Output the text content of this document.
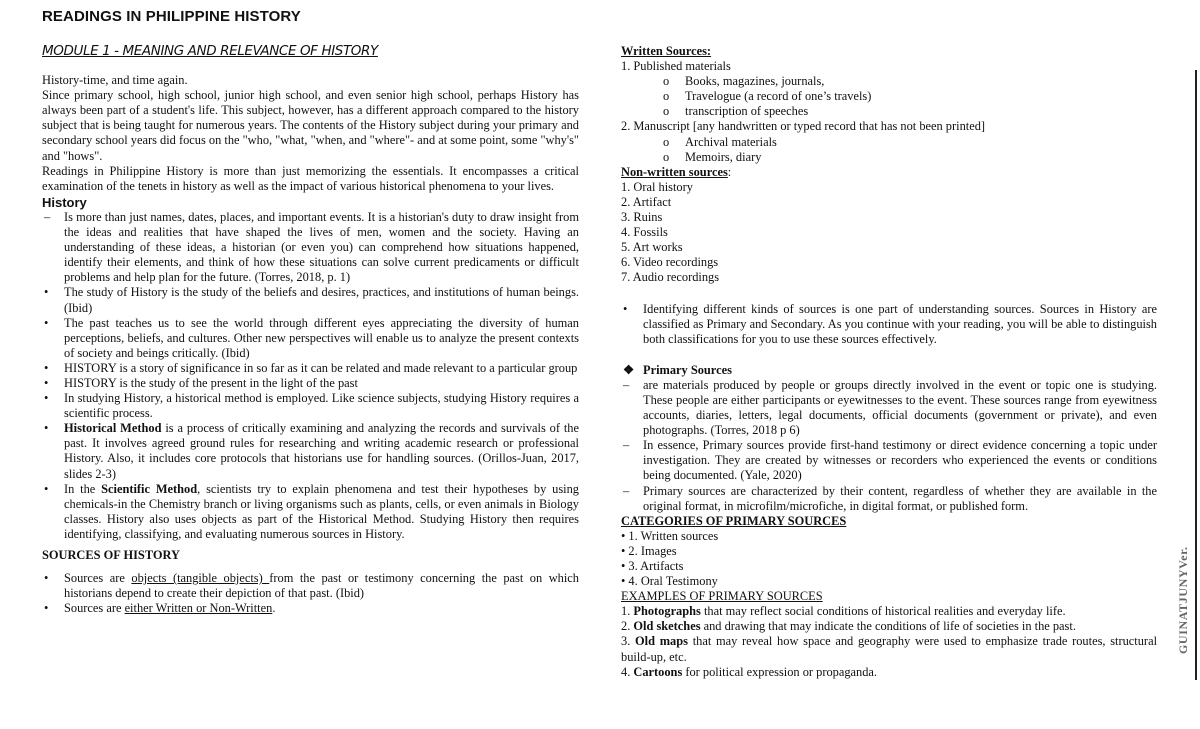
READINGS IN PHILIPPINE HISTORY
MODULE 1 - MEANING AND RELEVANCE OF HISTORY

History-time, and time again.

Since primary school, high school, junior high school, and even senior high school, perhaps History has always been part of a student's life. This subject, however, has a different approach compared to the history subject that is being taught for numerous years. The contents of the History subject during your primary and secondary school years did focus on the "who, "what, "when, and "where"- and at some point, some "why's" and "hows".

Readings in Philippine History is more than just memorizing the essentials. It encompasses a critical examination of the tenets in history as well as the impact of various historical phenomena to your lives.

History
–	Is more than just names, dates, places, and important events. It is a historian's duty to draw insight from the ideas and realities that have shaped the lives of men, women and the society. Having an understanding of these ideas, a historian (or even you) can comprehend how situations happened, identify their elements, and think of how these situations can solve current predicaments or difficult problems and help plan for the future. (Torres, 2018, p. 1)
•	The study of History is the study of the beliefs and desires, practices, and institutions of human beings. (Ibid)
•	The past teaches us to see the world through different eyes appreciating the diversity of human perceptions, beliefs, and cultures. Other new perspectives will enable us to analyze the present contexts of society and beings critically. (Ibid)
•	HISTORY is a story of significance in so far as it can be related and made relevant to a particular group
•	HISTORY is the study of the present in the light of the past
•	In studying History, a historical method is employed. Like science subjects, studying History requires a scientific process.
•	Historical Method is a process of critically examining and analyzing the records and survivals of the past. It involves agreed ground rules for researching and writing academic research or professional History. Also, it includes core protocols that historians use for handling sources. (Orillos-Juan, 2017, slides 2-3)
•	In the Scientific Method, scientists try to explain phenomena and test their hypotheses by using chemicals-in the Chemistry branch or living organisms such as plants, cells, or even animals in Biology classes. History also uses objects as part of the Historical Method. Studying History then requires identifying, classifying, and evaluating numerous sources in History.
SOURCES OF HISTORY
•	Sources are objects (tangible objects) from the past or testimony concerning the past on which historians depend to create their depiction of that past. (Ibid)
•	Sources are either Written or Non-Written.
Written Sources:
1. Published materials
o Books, magazines, journals,
o Travelogue (a record of one’s travels)
o transcription of speeches
2. Manuscript [any handwritten or typed record that has not been printed]
o Archival materials
o Memoirs, diary
Non-written sources:
1. Oral history
2. Artifact
3. Ruins
4. Fossils
5. Art works
6. Video recordings
7. Audio recordings
•	Identifying different kinds of sources is one part of understanding sources. Sources in History are classified as Primary and Secondary. As you continue with your reading, you will be able to distinguish both classifications for you to use these sources effectively.
❖ Primary Sources
–	are materials produced by people or groups directly involved in the event or topic one is studying. These people are either participants or eyewitnesses to the event. These sources range from eyewitness accounts, diaries, letters, legal documents, official documents (government or private), and even photographs. (Torres, 2018 p 6)
–	In essence, Primary sources provide first-hand testimony or direct evidence concerning a topic under investigation. They are created by witnesses or recorders who experienced the events or conditions being documented. (Yale, 2020)
–	Primary sources are characterized by their content, regardless of whether they are available in the original format, in microfilm/microfiche, in digital format, or published form.
CATEGORIES OF PRIMARY SOURCES
• 1. Written sources
• 2. Images
• 3. Artifacts
• 4. Oral Testimony
EXAMPLES OF PRIMARY SOURCES

1. Photographs that may reflect social conditions of historical realities and everyday life.

2. Old sketches and drawing that may indicate the conditions of life of societies in the past.

3. Old maps that may reveal how space and geography were used to emphasize trade routes, structural build-up, etc.

4. Cartoons for political expression or propaganda.

GUINATJUNYVer.
